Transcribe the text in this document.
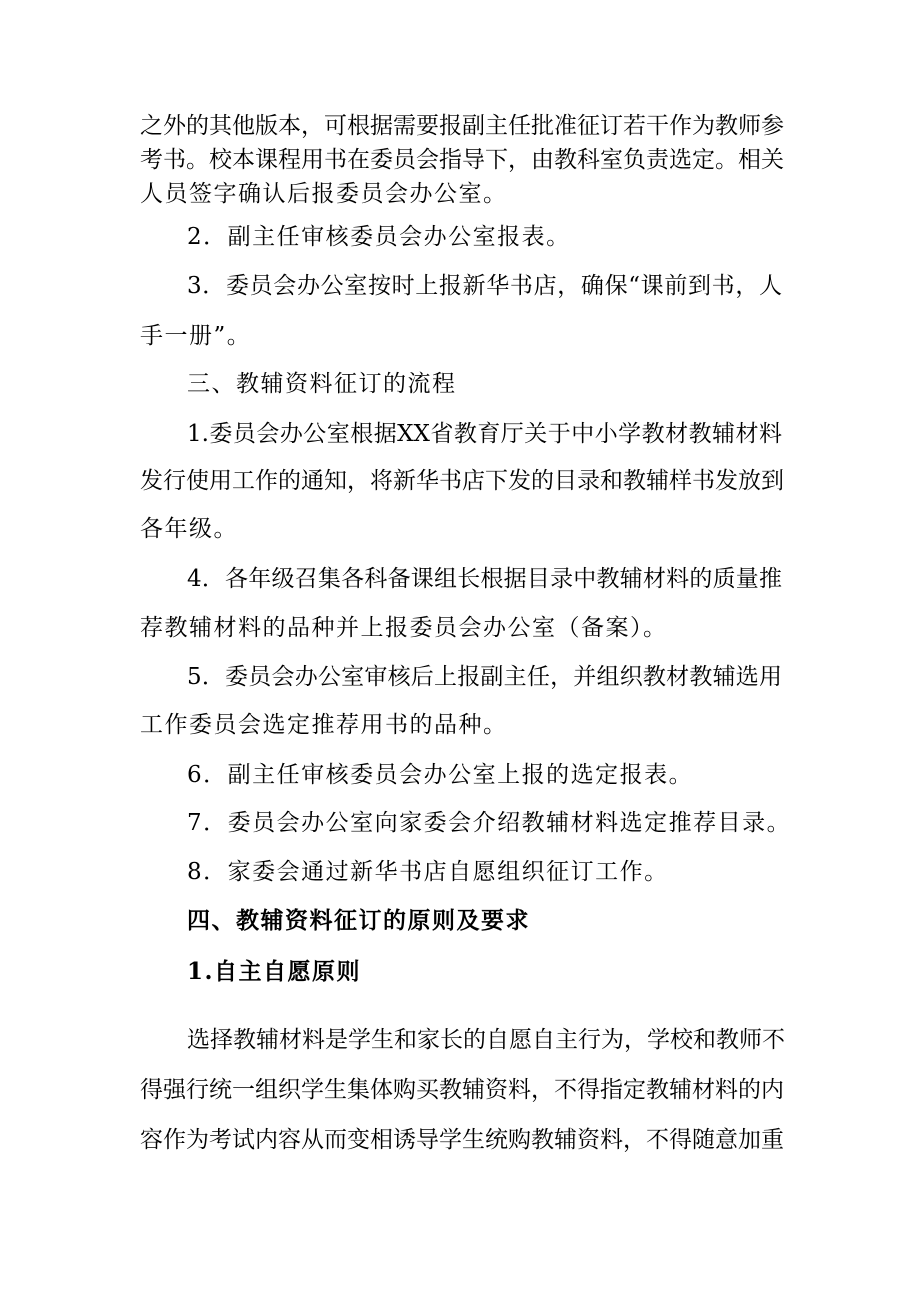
之外的其他版本，可根据需要报副主任批准征订若干作为教师参
考书。校本课程用书在委员会指导下，由教科室负责选定。相关
人员签字确认后报委员会办公室。
2．副主任审核委员会办公室报表。
3．委员会办公室按时上报新华书店，确保“课前到书，人
手一册”。
三、教辅资料征订的流程
1.委员会办公室根据XX省教育厅关于中小学教材教辅材料
发行使用工作的通知，将新华书店下发的目录和教辅样书发放到
各年级。
4．各年级召集各科备课组长根据目录中教辅材料的质量推
荐教辅材料的品种并上报委员会办公室（备案）。
5．委员会办公室审核后上报副主任，并组织教材教辅选用
工作委员会选定推荐用书的品种。
6．副主任审核委员会办公室上报的选定报表。
7．委员会办公室向家委会介绍教辅材料选定推荐目录。
8．家委会通过新华书店自愿组织征订工作。
四、教辅资料征订的原则及要求
1.自主自愿原则
选择教辅材料是学生和家长的自愿自主行为，学校和教师不
得强行统一组织学生集体购买教辅资料，不得指定教辅材料的内
容作为考试内容从而变相诱导学生统购教辅资料，不得随意加重
